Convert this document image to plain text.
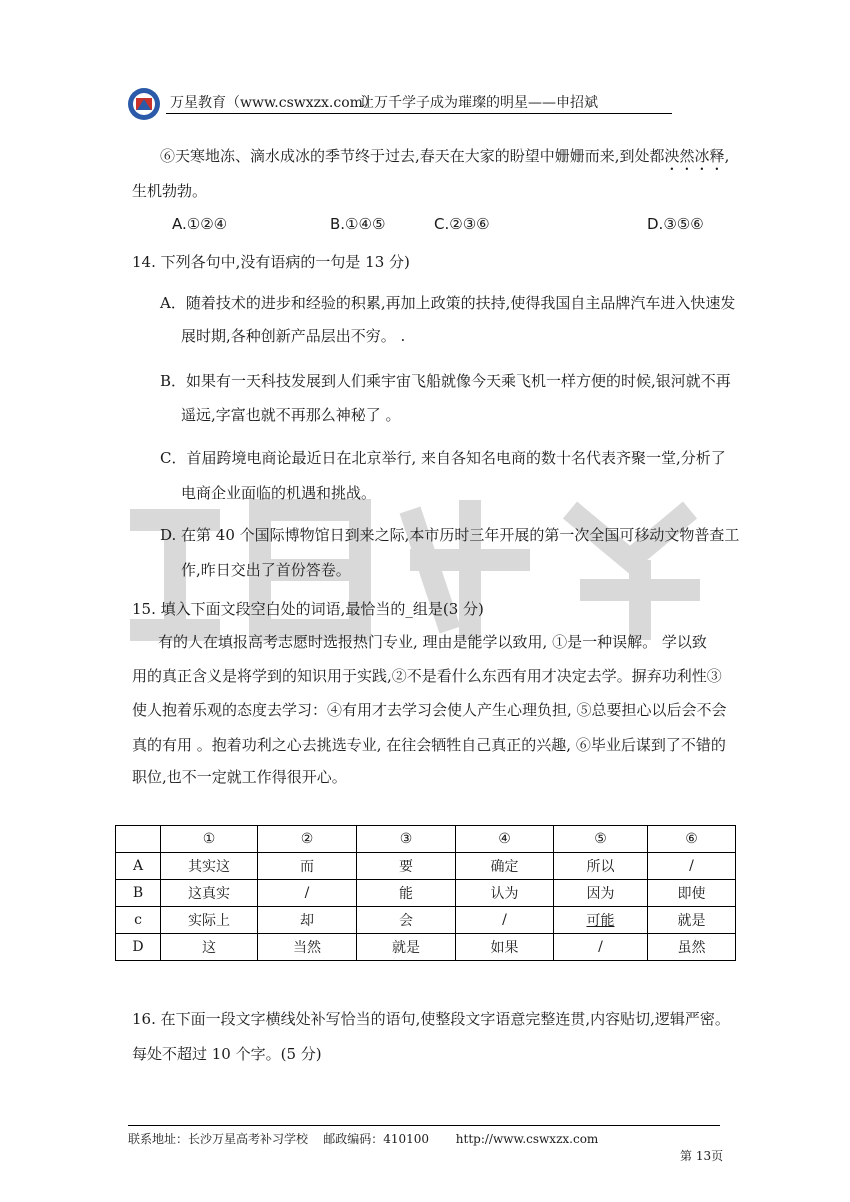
万星教育（www.cswxzx.com）
让万千学子成为璀璨的明星——申招斌
⑥天寒地冻、滴水成冰的季节终于过去,春天在大家的盼望中姗姗而来,到处都泱然冰释,
生机勃勃。
A.①②④	B.①④⑤	C.②③⑥	D.③⑤⑥
14. 下列各句中,没有语病的一句是 13 分)
A．随着技术的进步和经验的积累,再加上政策的扶持,使得我国自主品牌汽车进入快速发
展时期,各种创新产品层出不穷。 .
B．如果有一天科技发展到人们乘宇宙飞船就像今天乘飞机一样方便的时候,银河就不再
遥远,字富也就不再那么神秘了 。
C．首届跨境电商论最近日在北京举行, 来自各知名电商的数十名代表齐聚一堂,分析了
电商企业面临的机遇和挑战。
D. 在第 40 个国际博物馆日到来之际,本市历时三年开展的第一次全国可移动文物普查工
作,昨日交出了首份答卷。
15. 填入下面文段空白处的词语,最恰当的_组是(3 分)
有的人在填报高考志愿时选报热门专业, 理由是能学以致用, ①是一种误解。 学以致
用的真正含义是将学到的知识用于实践,②不是看什么东西有用才决定去学。摒弃功利性③
使人抱着乐观的态度去学习：④有用才去学习会使人产生心理负担, ⑤总要担心以后会不会
真的有用 。抱着功利之心去挑选专业, 在往会牺牲自己真正的兴趣, ⑥毕业后谋到了不错的
职位,也不一定就工作得很开心。
	①	②	③	④	⑤	⑥
A	其实这	而	要	确定	所以	/
B	这真实	/	能	认为	因为	即使
c	实际上	却	会	/	可能	就是
D	这	当然	就是	如果	/	虽然
16. 在下面一段文字横线处补写恰当的语句,使整段文字语意完整连贯,内容贴切,逻辑严密。
每处不超过 10 个字。(5 分)
联系地址：长沙万星高考补习学校    邮政编码：410100       http://www.cswxzx.com
第 13页
